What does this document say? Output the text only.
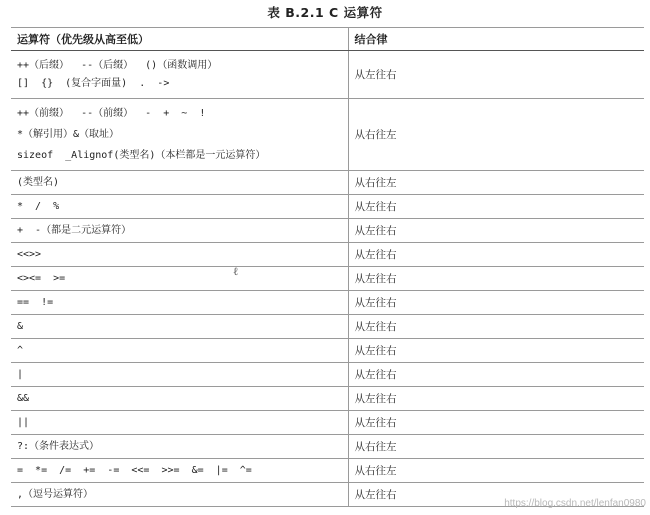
表 B.2.1 C 运算符
运算符（优先级从高至低）	结合律

++（后缀）  --（后缀）  ()（函数调用）
[]  {}  (复合字面量)  .  ->	从左往右

++（前缀）  --（前缀）  -  +  ~  !
*（解引用）&（取址）
sizeof  _Alignof(类型名)（本栏都是一元运算符）	从右往左

(类型名)	从右往左

*  /  %	从左往右

+  -（都是二元运算符）	从左往右

<<>>	从左往右

<><=  >=	从左往右

==  !=	从左往右

&	从左往右

^	从左往右

|	从左往右

&&	从左往右

||	从左往右

?:（条件表达式）	从右往左

=  *=  /=  +=  -=  <<=  >>=  &=  |=  ^=	从右往左

,（逗号运算符）	从左往右
ℓ
https://blog.csdn.net/lenfan0980
